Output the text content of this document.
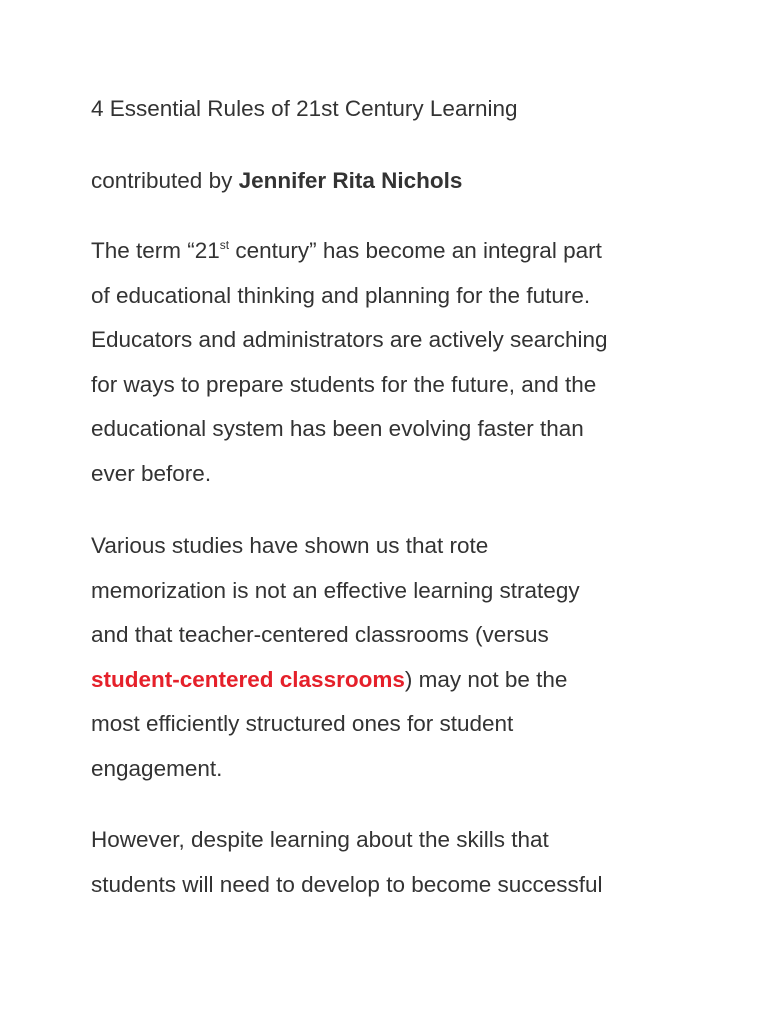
4 Essential Rules of 21st Century Learning

contributed by Jennifer Rita Nichols

The term “21st century” has become an integral part
of educational thinking and planning for the future.
Educators and administrators are actively searching
for ways to prepare students for the future, and the
educational system has been evolving faster than
ever before.

Various studies have shown us that rote
memorization is not an effective learning strategy
and that teacher-centered classrooms (versus
student-centered classrooms) may not be the
most efficiently structured ones for student
engagement.

However, despite learning about the skills that
students will need to develop to become successful
